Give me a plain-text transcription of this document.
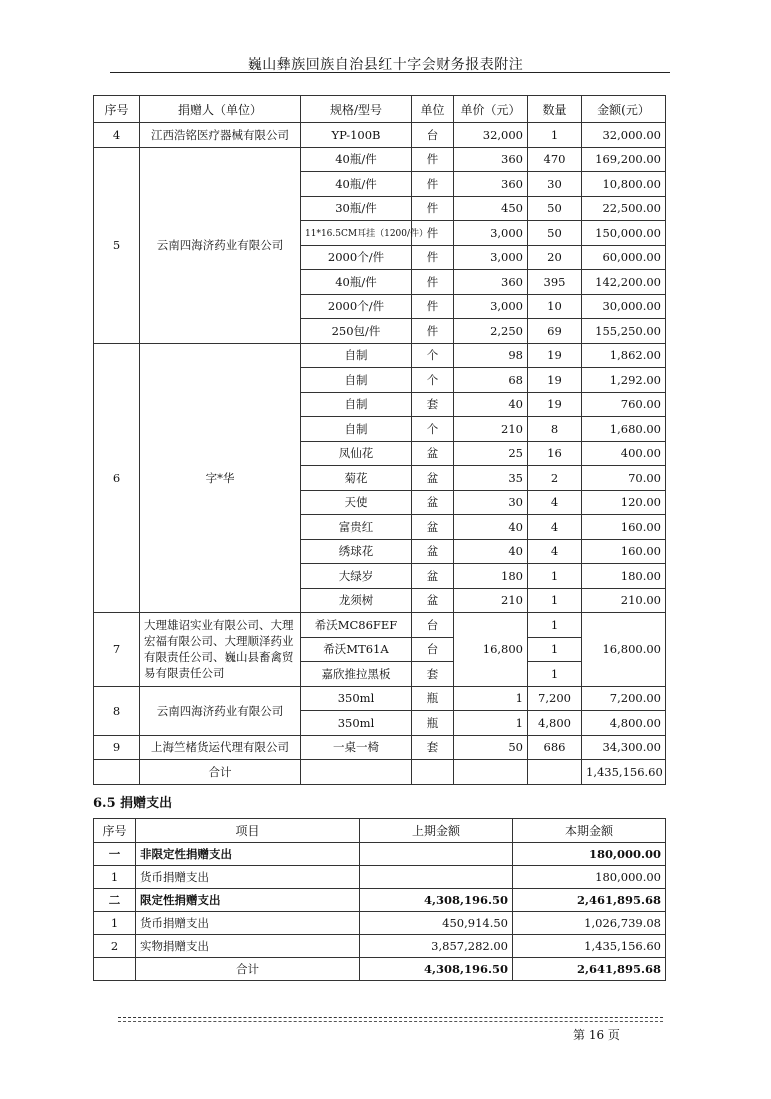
巍山彝族回族自治县红十字会财务报表附注
序号	捐赠人（单位）	规格/型号	单位	单价（元）	数量	金额(元）
4	江西浩铭医疗器械有限公司	YP-100B	台	32,000	1	32,000.00
5	云南四海济药业有限公司	40瓶/件	件	360	470	169,200.00
		40瓶/件	件	360	30	10,800.00
		30瓶/件	件	450	50	22,500.00
		11*16.5CM耳挂（1200/件）	件	3,000	50	150,000.00
		2000个/件	件	3,000	20	60,000.00
		40瓶/件	件	360	395	142,200.00
		2000个/件	件	3,000	10	30,000.00
		250包/件	件	2,250	69	155,250.00
6	字*华	自制	个	98	19	1,862.00
		自制	个	68	19	1,292.00
		自制	套	40	19	760.00
		自制	个	210	8	1,680.00
		凤仙花	盆	25	16	400.00
		菊花	盆	35	2	70.00
		天使	盆	30	4	120.00
		富贵红	盆	40	4	160.00
		绣球花	盆	40	4	160.00
		大绿岁	盆	180	1	180.00
		龙须树	盆	210	1	210.00
7	大理雄诏实业有限公司、大理宏福有限公司、大理顺泽药业有限责任公司、巍山县畜禽贸易有限责任公司	希沃MC86FEF	台	16,800	1	16,800.00
		希沃MT61A	台		1	
		嘉欣推拉黑板	套		1	
8	云南四海济药业有限公司	350ml	瓶	1	7,200	7,200.00
		350ml	瓶	1	4,800	4,800.00
9	上海竺楮货运代理有限公司	一桌一椅	套	50	686	34,300.00
	合计					1,435,156.60
6.5 捐赠支出
序号	项目	上期金额	本期金额
一	非限定性捐赠支出		180,000.00
1	货币捐赠支出		180,000.00
二	限定性捐赠支出	4,308,196.50	2,461,895.68
1	货币捐赠支出	450,914.50	1,026,739.08
2	实物捐赠支出	3,857,282.00	1,435,156.60
	合计	4,308,196.50	2,641,895.68
第 16 页
